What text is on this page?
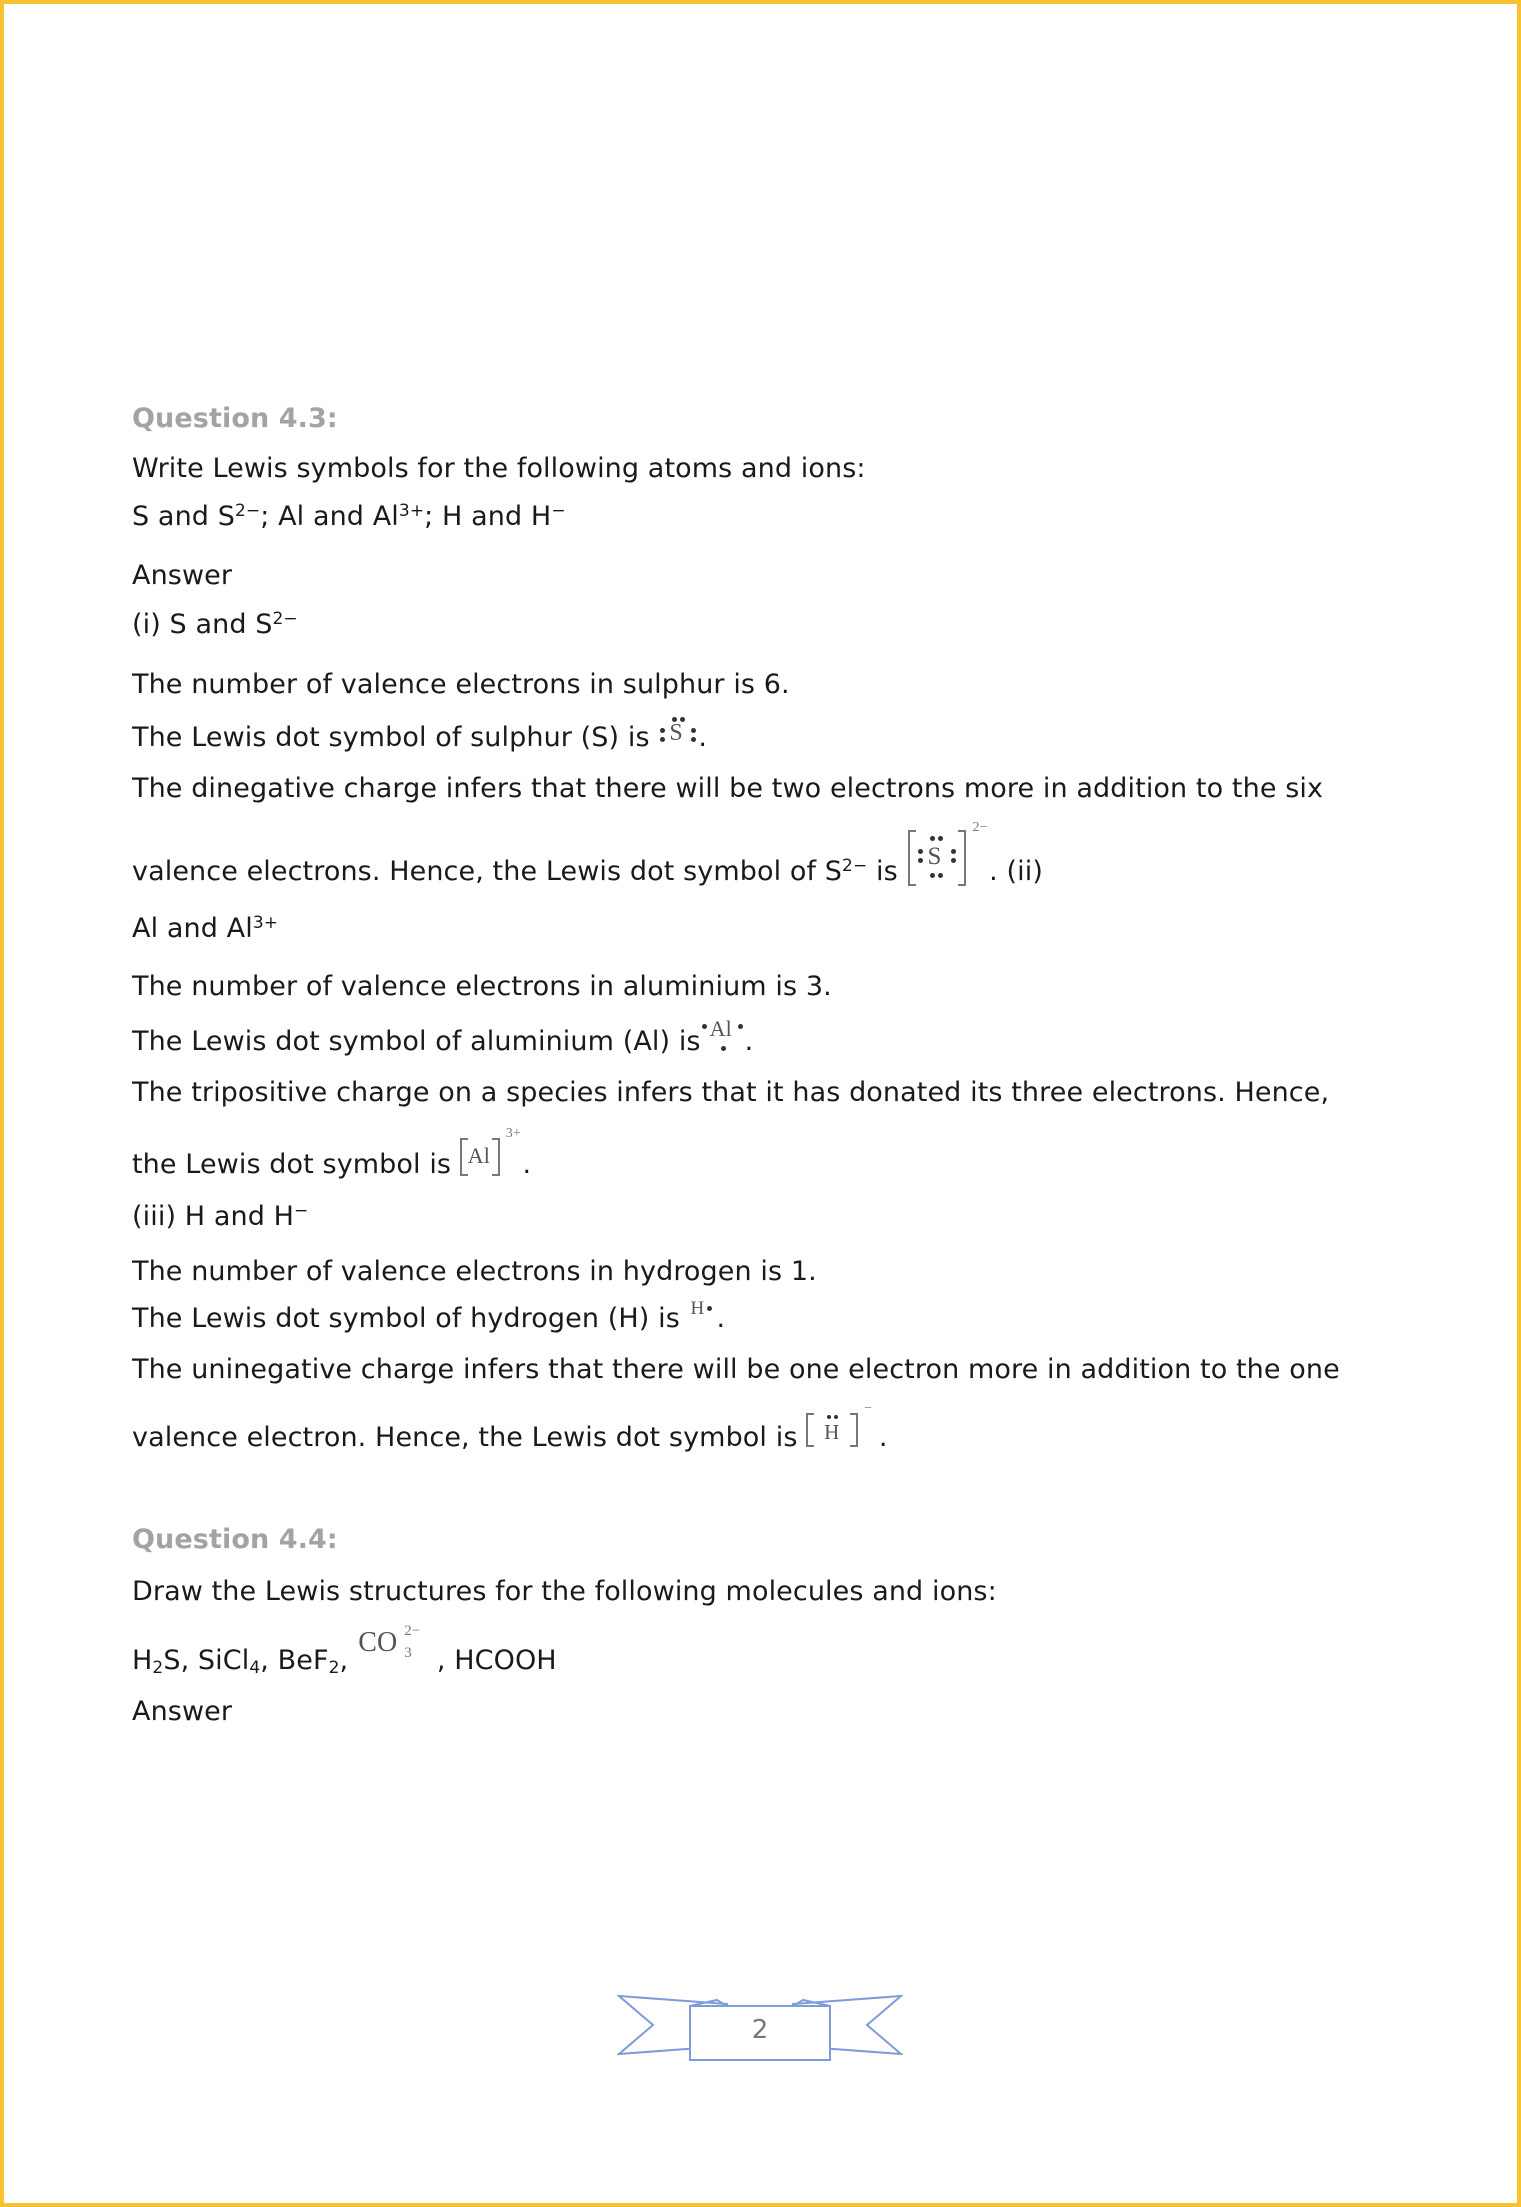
Question 4.3:
Write Lewis symbols for the following atoms and ions:
S and $S^{2-}$; Al and $Al^{3+}$; H and H−
Answer
(i) S and $S^{2-}$
The number of valence electrons in sulphur is 6.
The Lewis dot symbol of sulphur (S) is S .
The dinegative charge infers that there will be two electrons more in addition to the six
valence electrons. Hence, the Lewis dot symbol of $S^{2-}$ is S
2−
. (ii)
Al and $Al^{3+}$
The number of valence electrons in aluminium is 3.
The Lewis dot symbol of aluminium (Al) is Al .
The tripositive charge on a species infers that it has donated its three electrons. Hence,
the Lewis dot symbol is Al
3+
.
(iii) H and H−
The number of valence electrons in hydrogen is 1.
The Lewis dot symbol of hydrogen (H) is H .
The uninegative charge infers that there will be one electron more in addition to the one
valence electron. Hence, the Lewis dot symbol is H
−
.
Question 4.4:
Draw the Lewis structures for the following molecules and ions:
$H_2S$, SiCl$_4$, BeF$_2$,
CO 3
2−
, HCOOH
Answer
2
